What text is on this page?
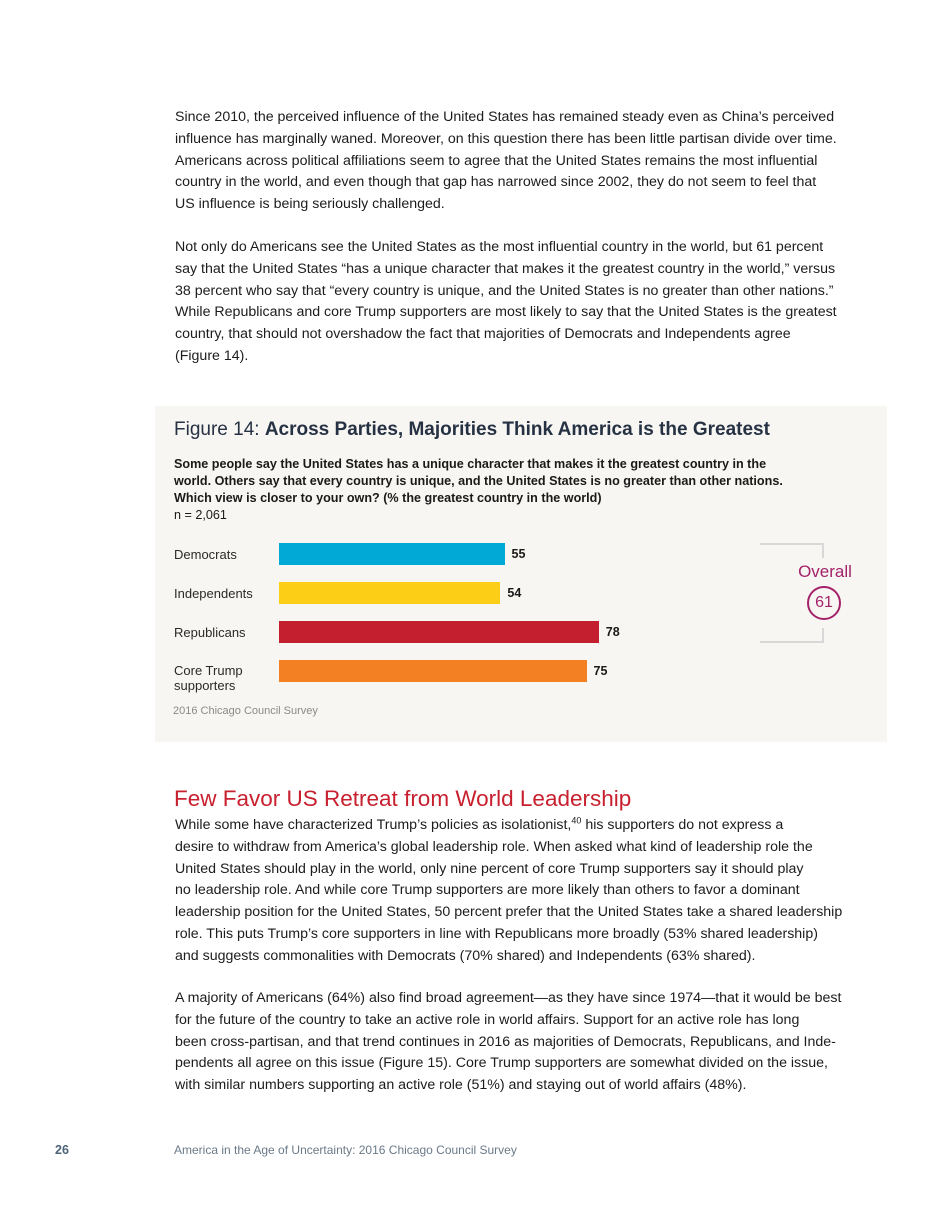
Since 2010, the perceived influence of the United States has remained steady even as China’s perceived
influence has marginally waned. Moreover, on this question there has been little partisan divide over time.
Americans across political affiliations seem to agree that the United States remains the most influential
country in the world, and even though that gap has narrowed since 2002, they do not seem to feel that
US influence is being seriously challenged.

Not only do Americans see the United States as the most influential country in the world, but 61 percent
say that the United States “has a unique character that makes it the greatest country in the world,” versus
38 percent who say that “every country is unique, and the United States is no greater than other nations.”
While Republicans and core Trump supporters are most likely to say that the United States is the greatest
country, that should not overshadow the fact that majorities of Democrats and Independents agree
(Figure 14).

Figure 14: Across Parties, Majorities Think America is the Greatest

Some people say the United States has a unique character that makes it the greatest country in the
world. Others say that every country is unique, and the United States is no greater than other nations.
Which view is closer to your own? (% the greatest country in the world)

n = 2,061

Democrats	55
Independents	54
Republicans	78
Core Trump
supporters
75
Overall
61

2016 Chicago Council Survey

Few Favor US Retreat from World Leadership

While some have characterized Trump’s policies as isolationist,$^{40}$ his supporters do not express a
desire to withdraw from America’s global leadership role. When asked what kind of leadership role the
United States should play in the world, only nine percent of core Trump supporters say it should play
no leadership role. And while core Trump supporters are more likely than others to favor a dominant
leadership position for the United States, 50 percent prefer that the United States take a shared leadership
role. This puts Trump’s core supporters in line with Republicans more broadly (53% shared leadership)
and suggests commonalities with Democrats (70% shared) and Independents (63% shared).

A majority of Americans (64%) also find broad agreement—as they have since 1974—that it would be best
for the future of the country to take an active role in world affairs. Support for an active role has long
been cross-partisan, and that trend continues in 2016 as majorities of Democrats, Republicans, and Inde-
pendents all agree on this issue (Figure 15). Core Trump supporters are somewhat divided on the issue,
with similar numbers supporting an active role (51%) and staying out of world affairs (48%).

26	America in the Age of Uncertainty: 2016 Chicago Council Survey
